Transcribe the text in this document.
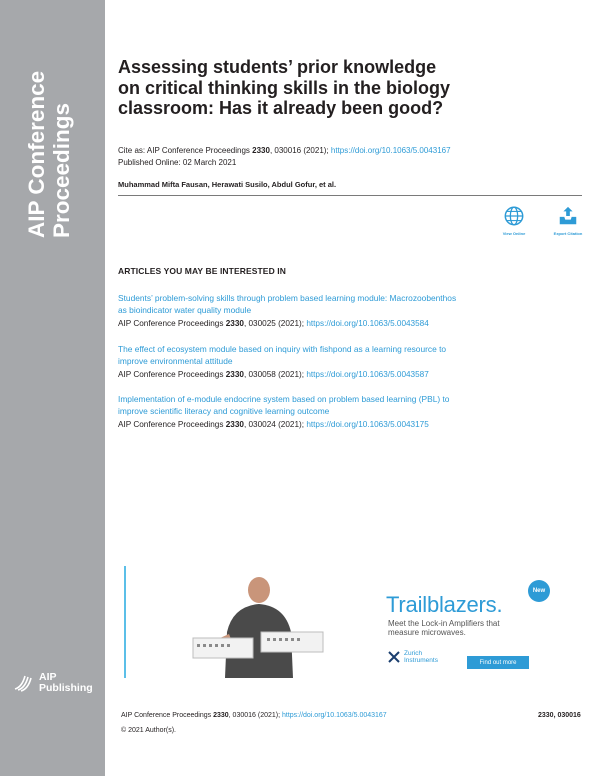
AIP Conference Proceedings
AIP
Publishing
Assessing students’ prior knowledge
on critical thinking skills in the biology
classroom: Has it already been good?
Cite as: AIP Conference Proceedings 2330, 030016 (2021); https://doi.org/10.1063/5.0043167
Published Online: 02 March 2021
Muhammad Mifta Fausan, Herawati Susilo, Abdul Gofur, et al.
View Online	Export Citation
ARTICLES YOU MAY BE INTERESTED IN
Students’ problem-solving skills through problem based learning module: Macrozoobenthos
as bioindicator water quality module
AIP Conference Proceedings 2330, 030025 (2021); https://doi.org/10.1063/5.0043584
The effect of ecosystem module based on inquiry with fishpond as a learning resource to
improve environmental attitude
AIP Conference Proceedings 2330, 030058 (2021); https://doi.org/10.1063/5.0043587
Implementation of e-module endocrine system based on problem based learning (PBL) to
improve scientific literacy and cognitive learning outcome
AIP Conference Proceedings 2330, 030024 (2021); https://doi.org/10.1063/5.0043175
Trailblazers.
New
Meet the Lock-in Amplifiers that
measure microwaves.
Zurich
Instruments	Find out more
AIP Conference Proceedings 2330, 030016 (2021); https://doi.org/10.1063/5.0043167	2330, 030016
© 2021 Author(s).
